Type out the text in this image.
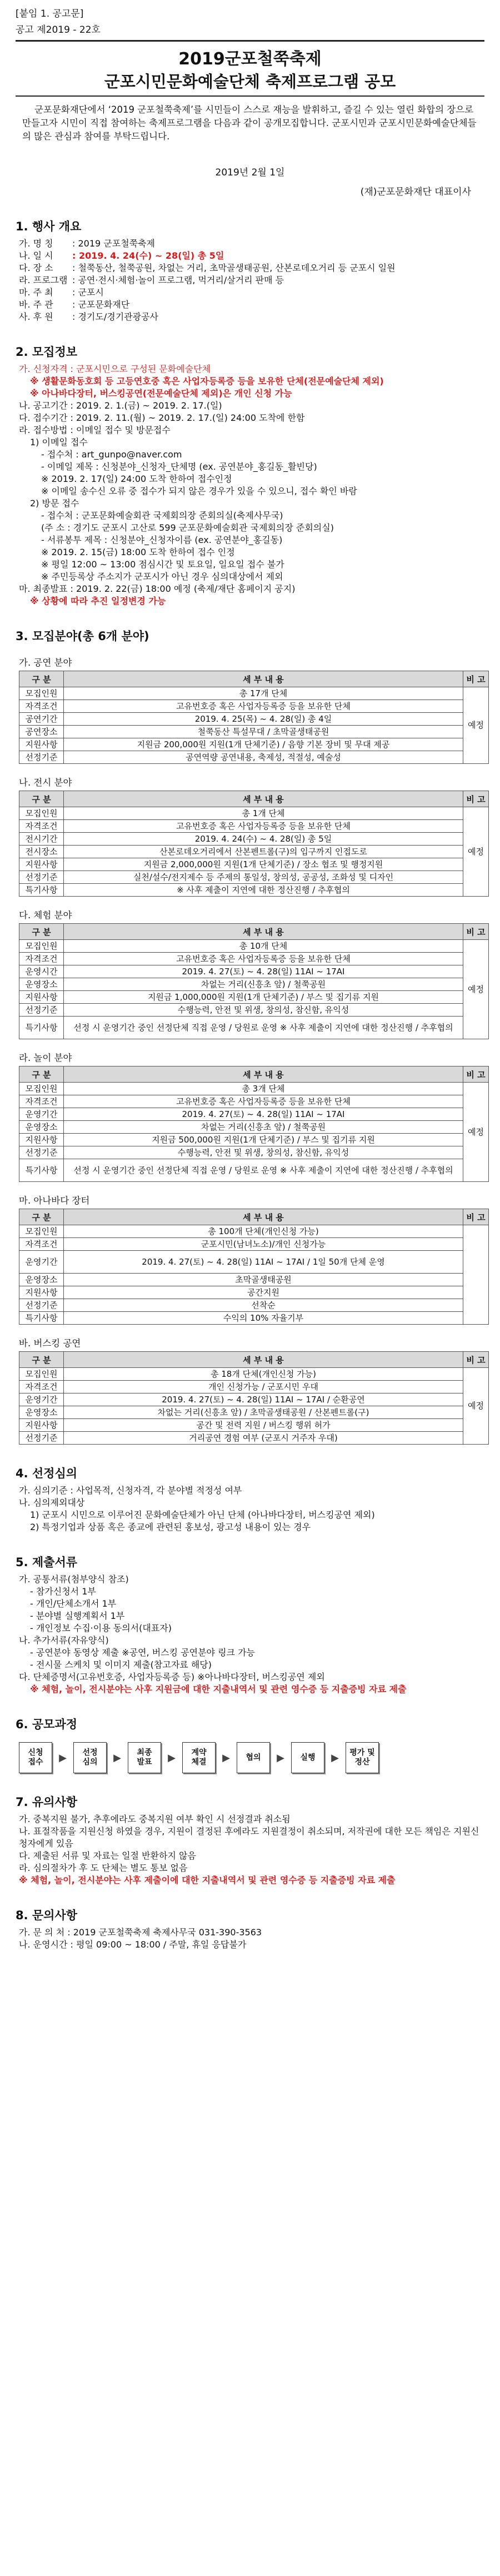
[붙임 1. 공고문]
공고 제2019 - 22호
2019군포철쭉축제
군포시민문화예술단체 축제프로그램 공모
군포문화재단에서 ‘2019 군포철쭉축제’를 시민들이 스스로 재능을 발휘하고, 즐길 수 있는 열린 화합의 장으로 만들고자 시민이 직접 참여하는 축제프로그램을 다음과 같이 공개모집합니다. 군포시민과 군포시민문화예술단체들의 많은 관심과 참여를 부탁드립니다.
2019년 2월 1일
(재)군포문화재단 대표이사
1. 행사 개요
가. 명 칭	: 2019 군포철쭉축제
나. 일 시	: 2019. 4. 24(수) ~ 28(일) 총 5일
다. 장 소	: 철쭉동산, 철쭉공원, 차없는 거리, 초막골생태공원, 산본로데오거리 등 군포시 일원
라. 프로그램 : 공연·전시·체험·놀이 프로그램, 먹거리/살거리 판매 등
마. 주 최	: 군포시
바. 주 관	: 군포문화재단
사. 후 원	: 경기도/경기관광공사
2. 모집정보
가. 신청자격 : 군포시민으로 구성된 문화예술단체
※ 생활문화동호회 등 고등연호중 혹은 사업자등록증 등을 보유한 단체(전문예술단체 제외)
※ 아나바다장터, 버스킹공연(전문예술단체 제외)은 개인 신청 가능
나. 공고기간 : 2019. 2. 1.(금) ~ 2019. 2. 17.(일)
다. 접수기간 : 2019. 2. 11.(월) ~ 2019. 2. 17.(일) 24:00 도착에 한함
라. 접수방법 : 이메일 접수 및 방문접수
1) 이메일 접수
- 접수처 : art_gunpo@naver.com
- 이메일 제목 : 신청분야_신청자_단체명 (ex. 공연분야_홍길동_활빈당)
※ 2019. 2. 17(일) 24:00 도착 한하여 접수인정
※ 이메일 송수신 오류 중 접수가 되지 않은 경우가 있을 수 있으니, 접수 확인 바람
2) 방문 접수
- 접수처 : 군포문화예술회관 국제회의장 준회의실(축제사무국)
(주 소 : 경기도 군포시 고산로 599 군포문화예술회관 국제회의장 준회의실)
- 서류봉투 제목 : 신청분야_신청자이름 (ex. 공연분야_홍길동)
※ 2019. 2. 15(금) 18:00 도착 한하여 접수 인정
※ 평일 12:00 ~ 13:00 점심시간 및 토요일, 일요일 접수 불가
※ 주민등록상 주소지가 군포시가 아닌 경우 심의대상에서 제외
마. 최종발표 : 2019. 2. 22(금) 18:00 예정 (축제/재단 홈페이지 공지)
※ 상황에 따라 추진 일정변경 가능
3. 모집분야(총 6개 분야)
가. 공연 분야
구 분	세 부 내 용	비 고
모집인원	총 17개 단체	예정
자격조건	고유번호증 혹은 사업자등록증 등을 보유한 단체	
공연기간	2019. 4. 25(목) ~ 4. 28(일) 총 4일	
공연장소	철쭉동산 특설무대 / 초막골생태공원	
지원사항	지원금 200,000원 지원(1개 단체기준) / 음향 기본 장비 및 무대 제공	
선정기준	공연역량 공연내용, 축제성, 적절성, 예술성	
나. 전시 분야
구 분	세 부 내 용	비 고
모집인원	총 1개 단체	예정
자격조건	고유번호증 혹은 사업자등록증 등을 보유한 단체	
전시기간	2019. 4. 24(수) ~ 4. 28(일) 총 5일	
전시장소	산본로데오거리에서 산본펜트롤(구)의 입구까지 인접도로	
지원사항	지원금 2,000,000원 지원(1개 단체기준) / 장소 협조 및 행정지원	
선정기준	실천/설수/전지제수 등 주제의 통일성, 창의성, 공공성, 조화성 및 디자인	
특기사항	※ 사후 제출이 지연에 대한 정산진행 / 추후협의	
다. 체험 분야
구 분	세 부 내 용	비 고
모집인원	총 10개 단체	예정
자격조건	고유번호증 혹은 사업자등록증 등을 보유한 단체	
운영시간	2019. 4. 27(토) ~ 4. 28(일) 11AI ~ 17AI	
운영장소	차없는 거리(신흥초 앞) / 철쭉공원	
지원사항	지원금 1,000,000원 지원(1개 단체기준) / 부스 및 집기류 지원	
선정기준	수행능력, 안전 및 위생, 창의성, 참신함, 유익성	
특기사항	선정 시 운영기간 중인 선정단체 직접 운영 / 당원로 운영 ※ 사후 제출이 지연에 대한 정산진행 / 추후협의	
라. 놀이 분야
구 분	세 부 내 용	비 고
모집인원	총 3개 단체	예정
자격조건	고유번호증 혹은 사업자등록증 등을 보유한 단체	
운영기간	2019. 4. 27(토) ~ 4. 28(일) 11AI ~ 17AI	
운영장소	차없는 거리(신흥초 앞) / 철쭉공원	
지원사항	지원금 500,000원 지원(1개 단체기준) / 부스 및 집기류 지원	
선정기준	수행능력, 안전 및 위생, 창의성, 참신함, 유익성	
특기사항	선정 시 운영기간 중인 선정단체 직접 운영 / 당원로 운영 ※ 사후 제출이 지연에 대한 정산진행 / 추후협의	
마. 아나바다 장터
구 분	세 부 내 용	비 고
모집인원	총 100개 단체(개인신청 가능)	
자격조건	군포시민(남녀노소)/개인 신청가능	
운영기간	2019. 4. 27(토) ~ 4. 28(일) 11AI ~ 17AI / 1일 50개 단체 운영	
운영장소	초막골생태공원	
지원사항	공간지원	
선정기준	선착순	
특기사항	수익의 10% 자율기부	
바. 버스킹 공연
구 분	세 부 내 용	비 고
모집인원	총 18개 단체(개인신청 가능)	예정
자격조건	개인 신청가능 / 군포시민 우대	
운영기간	2019. 4. 27(토) ~ 4. 28(일) 11AI ~ 17AI / 순환공연	
운영장소	차없는 거리(신흥초 앞) / 초막골생태공원 / 산본펜트롤(구)	
지원사항	공간 및 전력 지원 / 버스킹 행위 허가	
선정기준	거리공연 경험 여부 (군포시 거주자 우대)	
4. 선정심의
가. 심의기준 : 사업목적, 신청자격, 각 분야별 적정성 여부
나. 심의제외대상
1) 군포시 시민으로 이루어진 문화예술단체가 아닌 단체 (아나바다장터, 버스킹공연 제외)
2) 특정기업과 상품 혹은 종교에 관련된 홍보성, 광고성 내용이 있는 경우
5. 제출서류
가. 공통서류(첨부양식 참조)
- 참가신청서 1부
- 개인/단체소개서 1부
- 분야별 실행계획서 1부
- 개인정보 수집·이용 동의서(대표자)
나. 추가서류(자유양식)
- 공연분야 동영상 제출 ※공연, 버스킹 공연분야 링크 가능
- 전시물 스케치 및 이미지 제출(참고자료 해당)
다. 단체증명서(고유번호증, 사업자등록증 등) ※아나바다장터, 버스킹공연 제외
※ 체험, 놀이, 전시분야는 사후 지원금에 대한 지출내역서 및 관련 영수증 등 지출증빙 자료 제출
6. 공모과정
신청
접수	▶	선정
심의	▶	최종
발표	▶	계약
체결	▶	협의	▶	실행	▶	평가 및
정산
7. 유의사항
가. 중복지원 불가, 추후에라도 중복지원 여부 확인 시 선정결과 취소됨
나. 표절작품을 지원신청 하였을 경우, 지원이 결정된 후에라도 지원결정이 취소되며, 저작권에 대한 모든 책임은 지원신청자에게 있음
다. 제출된 서류 및 자료는 일절 반환하지 않음
라. 심의절차가 후 도 단체는 별도 통보 없음
※ 체험, 놀이, 전시분야는 사후 제출이에 대한 지출내역서 및 관련 영수증 등 지출증빙 자료 제출
8. 문의사항
가. 문 의 처 : 2019 군포철쭉축제 축제사무국 031-390-3563
나. 운영시간 : 평일 09:00 ~ 18:00 / 주말, 휴일 응답불가
